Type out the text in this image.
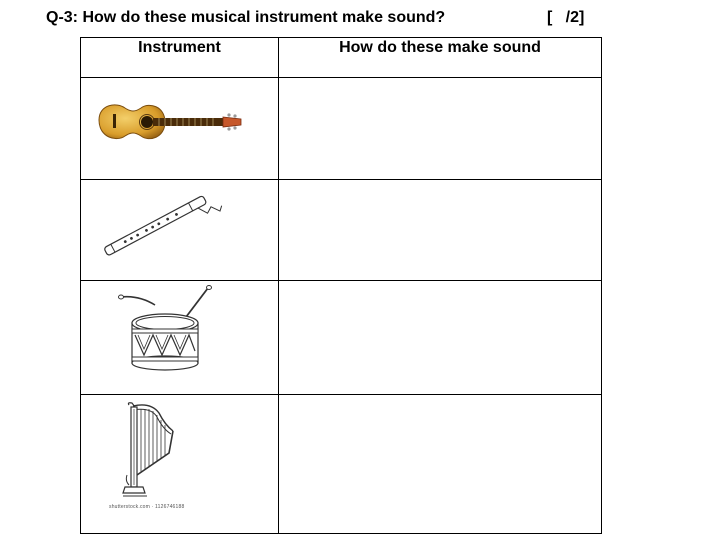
Q-3: How do these musical instrument make sound?	[   /2]
Instrument	How do these make sound
shutterstock.com · 1126746188
